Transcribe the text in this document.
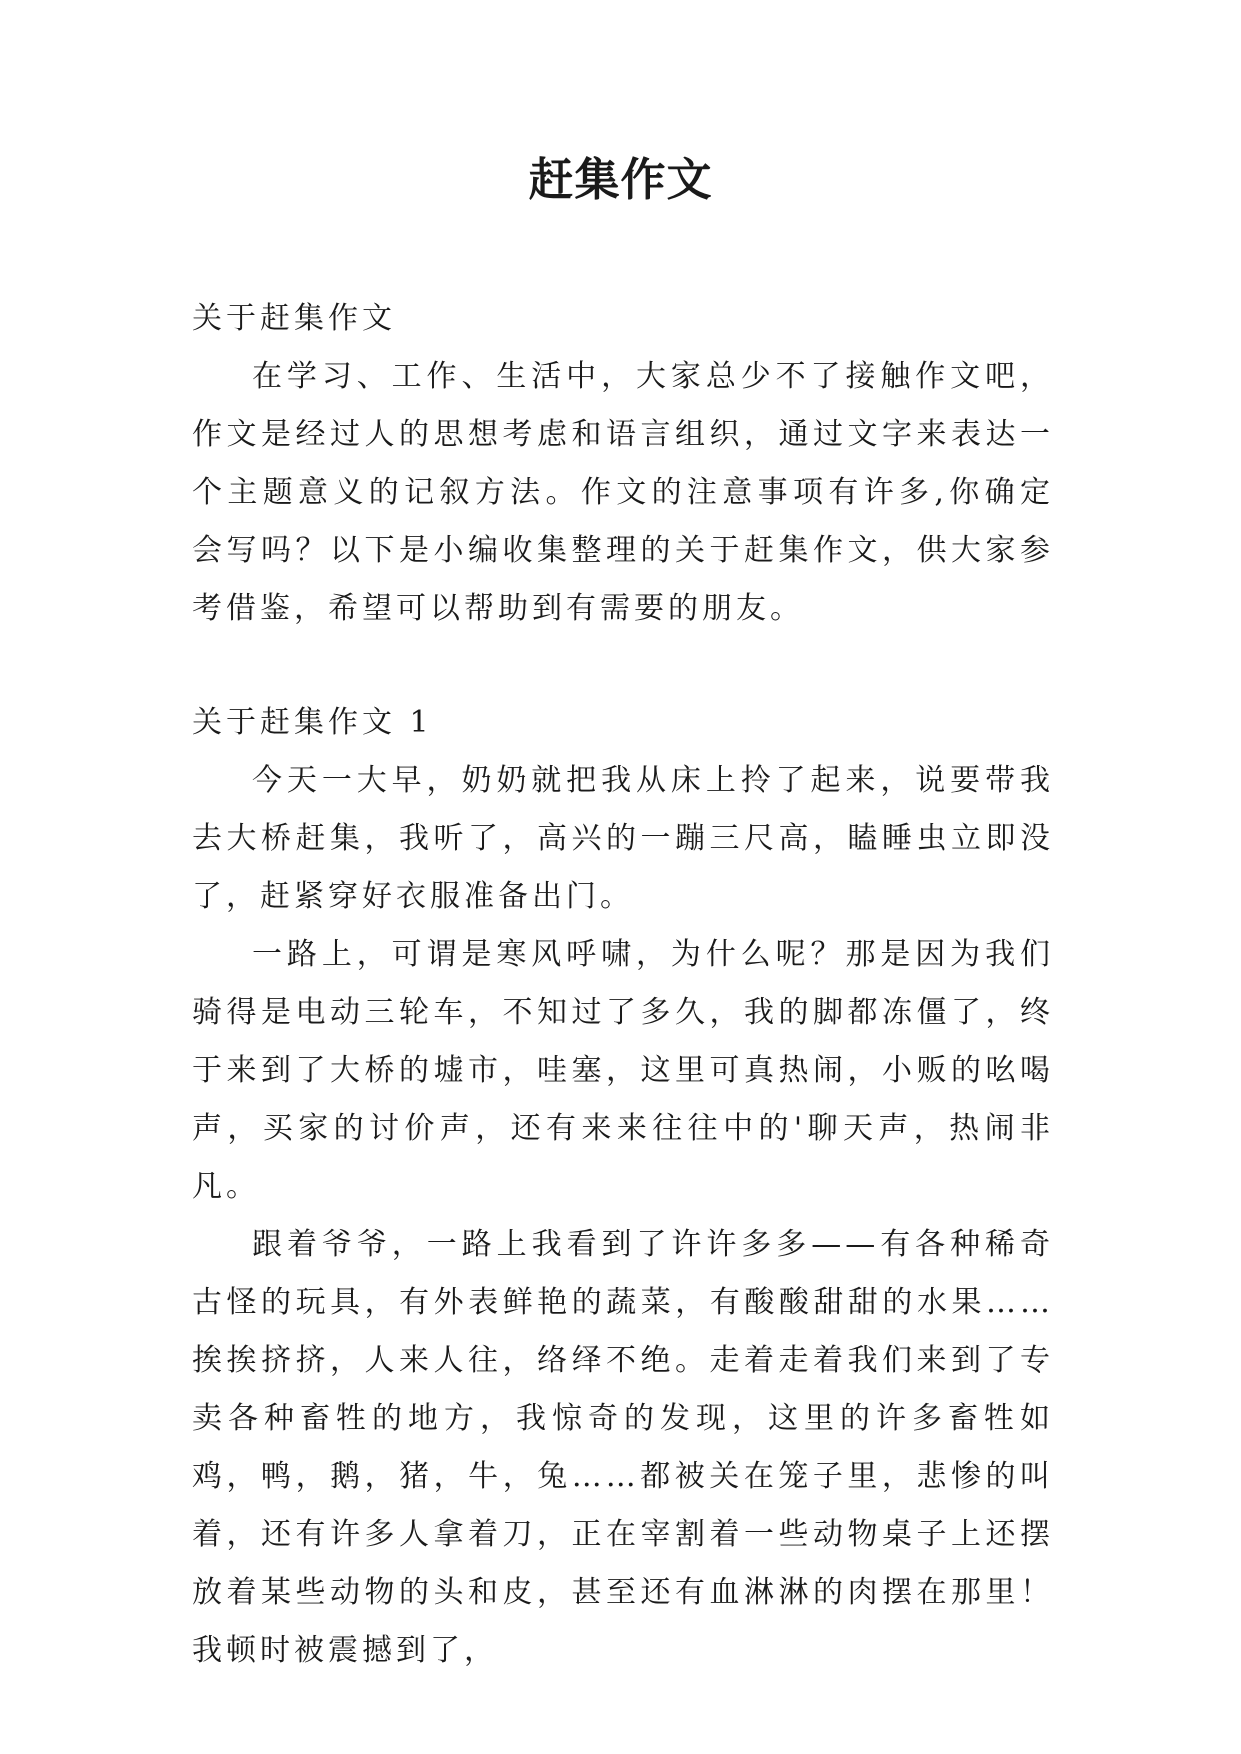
赶集作文
关于赶集作文

在学习、工作、生活中，大家总少不了接触作文吧，作文是经过人的思想考虑和语言组织，通过文字来表达一个主题意义的记叙方法。作文的注意事项有许多,你确定会写吗？以下是小编收集整理的关于赶集作文，供大家参考借鉴，希望可以帮助到有需要的朋友。

关于赶集作文 1

今天一大早，奶奶就把我从床上拎了起来，说要带我去大桥赶集，我听了，高兴的一蹦三尺高，瞌睡虫立即没了，赶紧穿好衣服准备出门。

一路上，可谓是寒风呼啸，为什么呢？那是因为我们骑得是电动三轮车，不知过了多久，我的脚都冻僵了，终于来到了大桥的墟市，哇塞，这里可真热闹，小贩的吆喝声，买家的讨价声，还有来来往往中的'聊天声，热闹非凡。

跟着爷爷，一路上我看到了许许多多——有各种稀奇古怪的玩具，有外表鲜艳的蔬菜，有酸酸甜甜的水果……挨挨挤挤，人来人往，络绎不绝。走着走着我们来到了专卖各种畜牲的地方，我惊奇的发现，这里的许多畜牲如鸡，鸭，鹅，猪，牛，兔……都被关在笼子里，悲惨的叫着，还有许多人拿着刀，正在宰割着一些动物桌子上还摆放着某些动物的头和皮，甚至还有血淋淋的肉摆在那里！我顿时被震撼到了，
